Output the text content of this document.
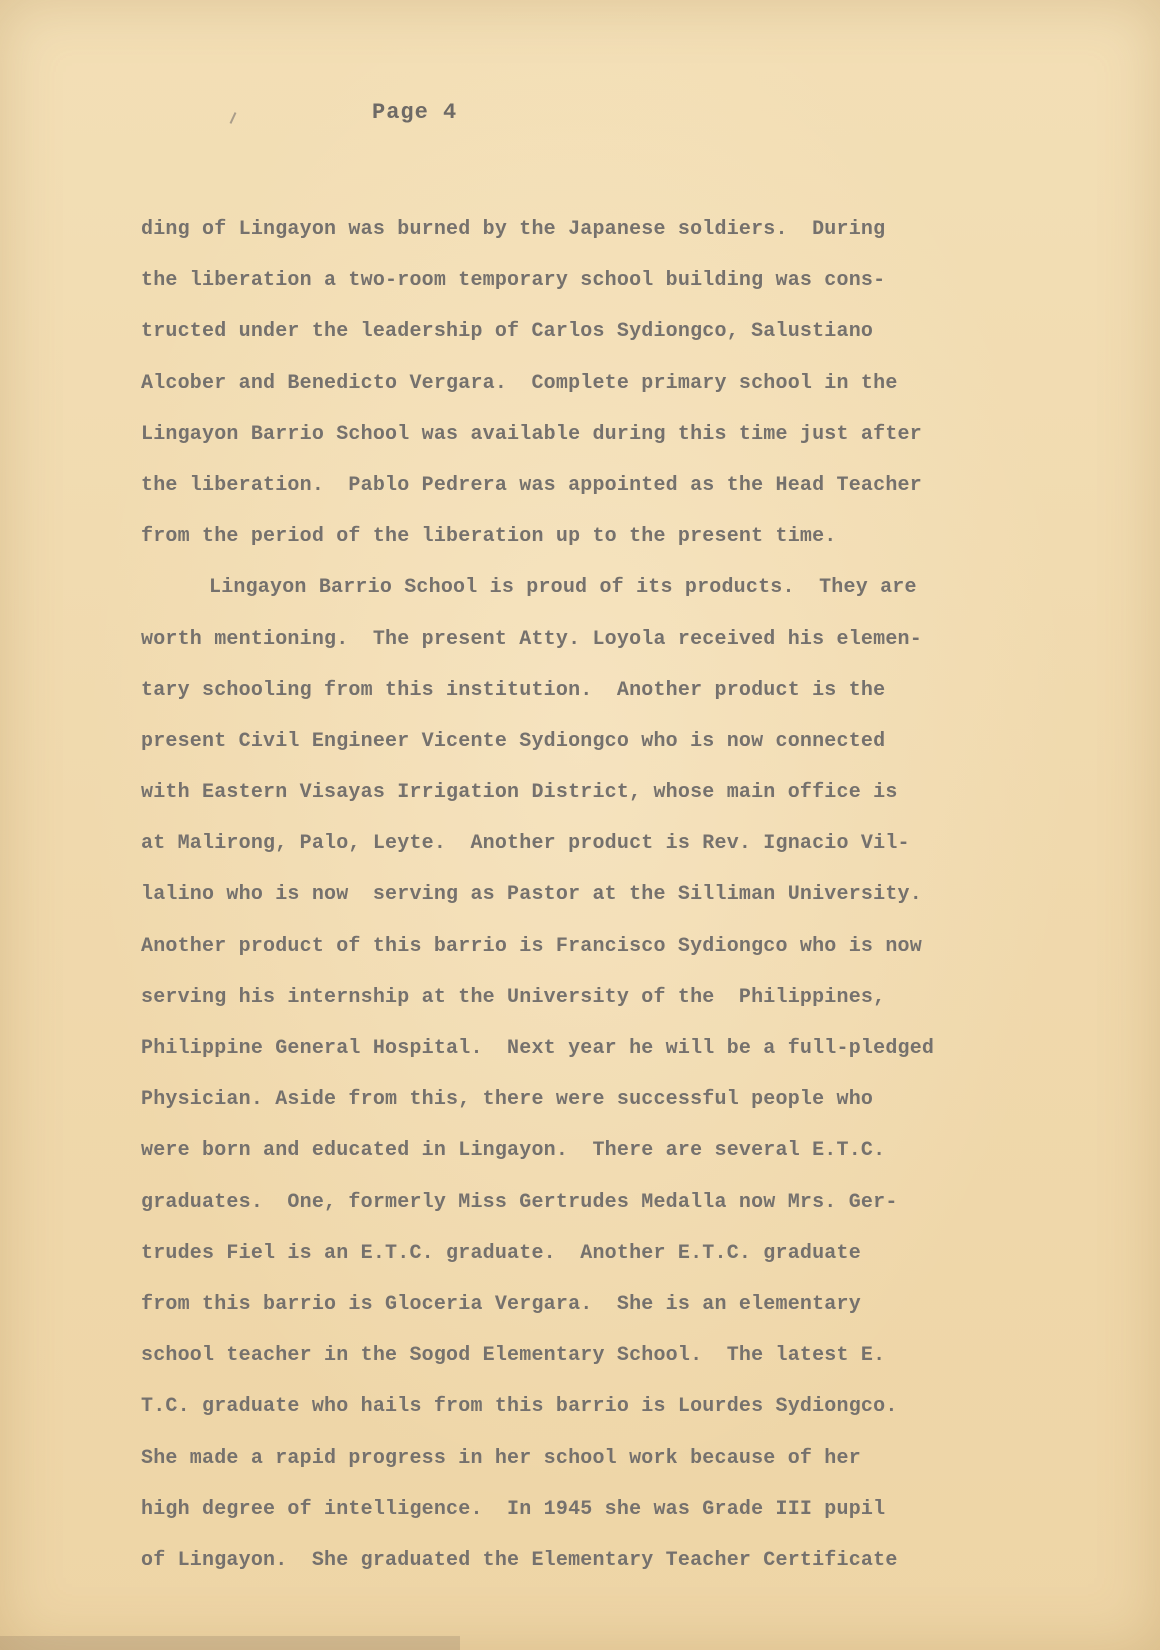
Page 4
ding of Lingayon was burned by the Japanese soldiers.  During
the liberation a two-room temporary school building was cons-
tructed under the leadership of Carlos Sydiongco, Salustiano
Alcober and Benedicto Vergara.  Complete primary school in the
Lingayon Barrio School was available during this time just after
the liberation.  Pablo Pedrera was appointed as the Head Teacher
from the period of the liberation up to the present time.
Lingayon Barrio School is proud of its products.  They are
worth mentioning.  The present Atty. Loyola received his elemen-
tary schooling from this institution.  Another product is the
present Civil Engineer Vicente Sydiongco who is now connected
with Eastern Visayas Irrigation District, whose main office is
at Malirong, Palo, Leyte.  Another product is Rev. Ignacio Vil-
lalino who is now  serving as Pastor at the Silliman University.
Another product of this barrio is Francisco Sydiongco who is now
serving his internship at the University of the  Philippines,
Philippine General Hospital.  Next year he will be a full-pledged
Physician. Aside from this, there were successful people who
were born and educated in Lingayon.  There are several E.T.C.
graduates.  One, formerly Miss Gertrudes Medalla now Mrs. Ger-
trudes Fiel is an E.T.C. graduate.  Another E.T.C. graduate
from this barrio is Gloceria Vergara.  She is an elementary
school teacher in the Sogod Elementary School.  The latest E.
T.C. graduate who hails from this barrio is Lourdes Sydiongco.
She made a rapid progress in her school work because of her
high degree of intelligence.  In 1945 she was Grade III pupil
of Lingayon.  She graduated the Elementary Teacher Certificate
